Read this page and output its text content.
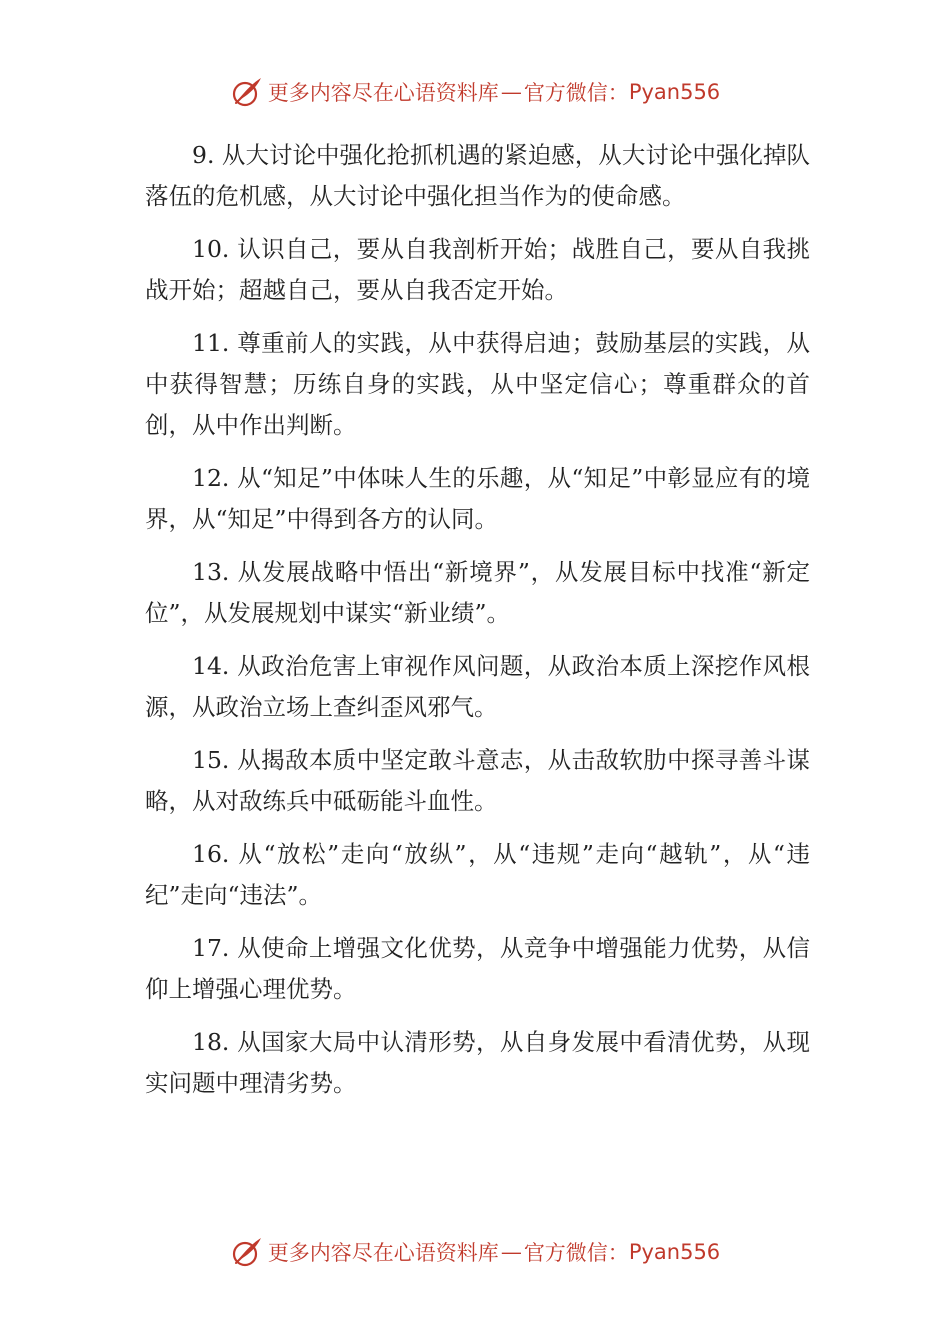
更多内容尽在心语资料库 — 官方微信： Pyan556

9. 从大讨论中强化抢抓机遇的紧迫感，从大讨论中强化掉队落伍的危机感，从大讨论中强化担当作为的使命感。

10. 认识自己，要从自我剖析开始；战胜自己，要从自我挑战开始；超越自己，要从自我否定开始。

11. 尊重前人的实践，从中获得启迪；鼓励基层的实践，从中获得智慧；历练自身的实践，从中坚定信心；尊重群众的首创，从中作出判断。

12. 从“知足”中体味人生的乐趣，从“知足”中彰显应有的境界，从“知足”中得到各方的认同。

13. 从发展战略中悟出“新境界”，从发展目标中找准“新定位”，从发展规划中谋实“新业绩”。

14. 从政治危害上审视作风问题，从政治本质上深挖作风根源，从政治立场上查纠歪风邪气。

15. 从揭敌本质中坚定敢斗意志，从击敌软肋中探寻善斗谋略，从对敌练兵中砥砺能斗血性。

16. 从“放松”走向“放纵”，从“违规”走向“越轨”，从“违纪”走向“违法”。

17. 从使命上增强文化优势，从竞争中增强能力优势，从信仰上增强心理优势。

18. 从国家大局中认清形势，从自身发展中看清优势，从现实问题中理清劣势。

更多内容尽在心语资料库 — 官方微信： Pyan556
